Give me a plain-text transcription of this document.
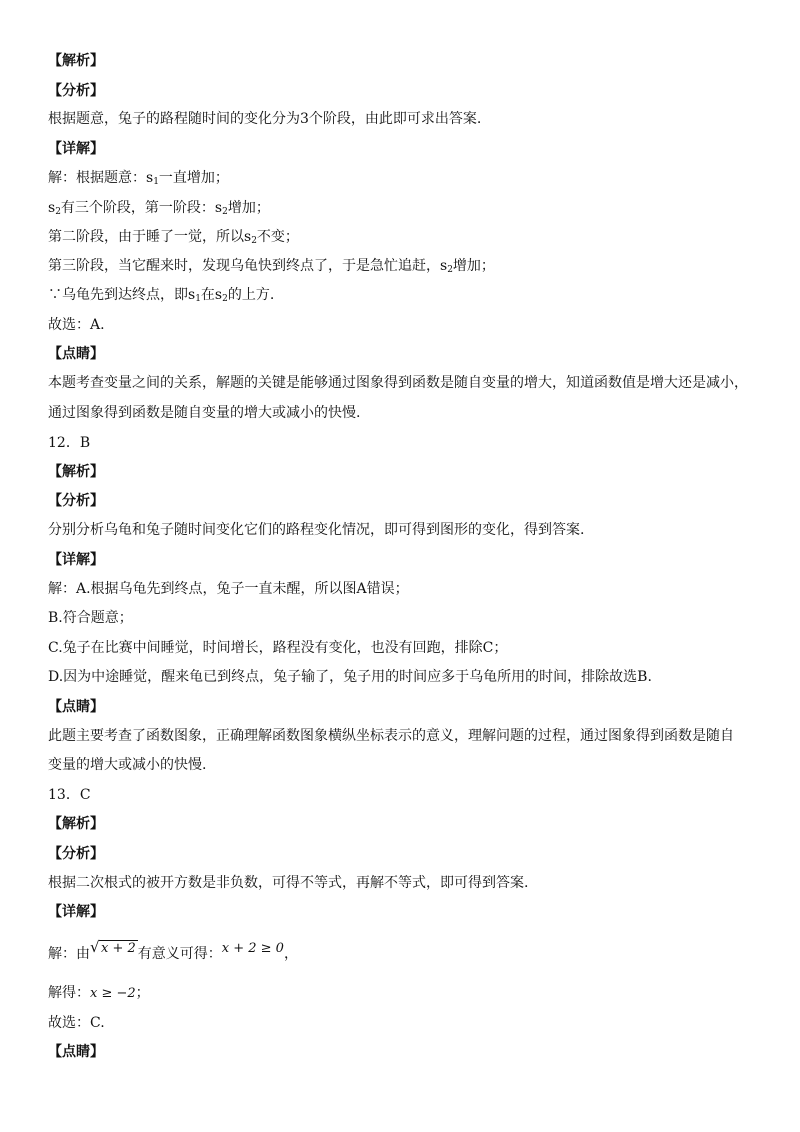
【解析】
【分析】
根据题意，兔子的路程随时间的变化分为3个阶段，由此即可求出答案.
【详解】
解：根据题意：$s_1$一直增加；
$s_2$有三个阶段，第一阶段：$s_2$增加；
第二阶段，由于睡了一觉，所以$s_2$不变；
第三阶段，当它醒来时，发现乌龟快到终点了，于是急忙追赶，$s_2$增加；
∵乌龟先到达终点，即$s_1$在$s_2$的上方.
故选：A.
【点睛】
本题考查变量之间的关系，解题的关键是能够通过图象得到函数是随自变量的增大，知道函数值是增大还是减小，
通过图象得到函数是随自变量的增大或减小的快慢.
12．B
【解析】
【分析】
分别分析乌龟和兔子随时间变化它们的路程变化情况，即可得到图形的变化，得到答案.
【详解】
解：A.根据乌龟先到终点，兔子一直未醒，所以图A错误；
B.符合题意；
C.兔子在比赛中间睡觉，时间增长，路程没有变化，也没有回跑，排除C；
D.因为中途睡觉，醒来龟已到终点，兔子输了，兔子用的时间应多于乌龟所用的时间，排除故选B.
【点睛】
此题主要考查了函数图象，正确理解函数图象横纵坐标表示的意义，理解问题的过程，通过图象得到函数是随自
变量的增大或减小的快慢.
13．C
【解析】
【分析】
根据二次根式的被开方数是非负数，可得不等式，再解不等式，即可得到答案.
【详解】
解：由 √ x + 2 有意义可得：x + 2 ≥ 0，
解得：x ≥ −2；
故选：C.
【点睛】
